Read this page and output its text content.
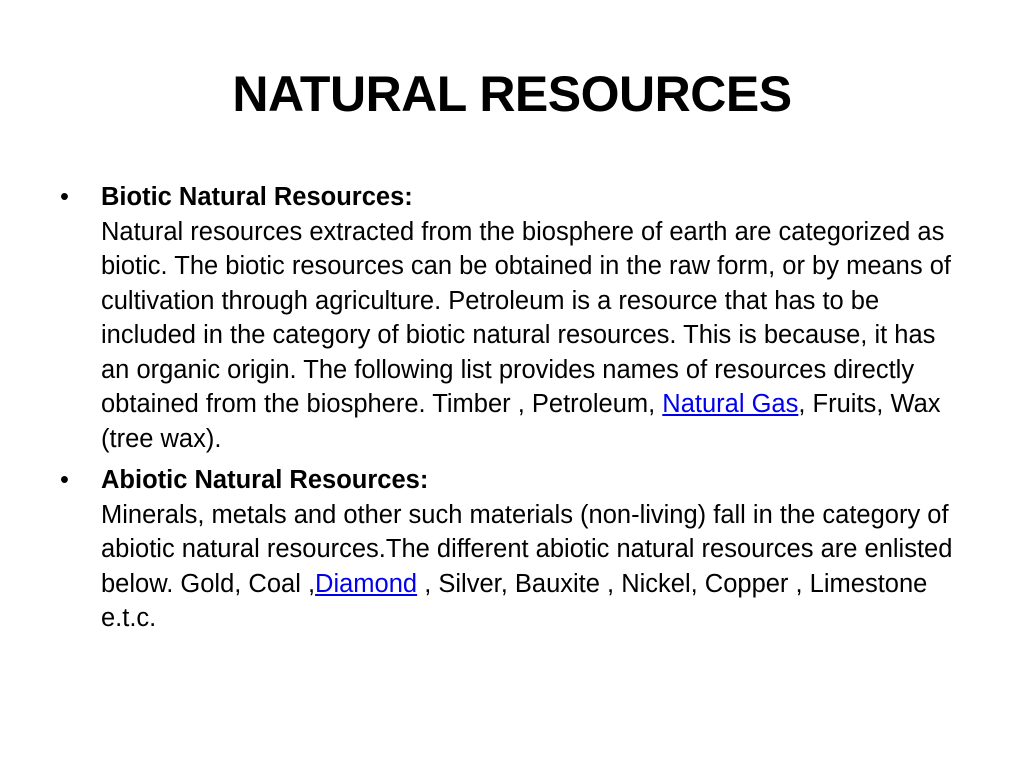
NATURAL RESOURCES
• Biotic Natural Resources:
Natural resources extracted from the biosphere of earth are categorized as biotic. The biotic resources can be obtained in the raw form, or by means of cultivation through agriculture. Petroleum is a resource that has to be included in the category of biotic natural resources. This is because, it has an organic origin. The following list provides names of resources directly obtained from the biosphere. Timber , Petroleum, Natural Gas, Fruits, Wax (tree wax).
• Abiotic Natural Resources:
Minerals, metals and other such materials (non-living) fall in the category of abiotic natural resources.The different abiotic natural resources are enlisted below. Gold, Coal ,Diamond , Silver, Bauxite , Nickel, Copper , Limestone e.t.c.
